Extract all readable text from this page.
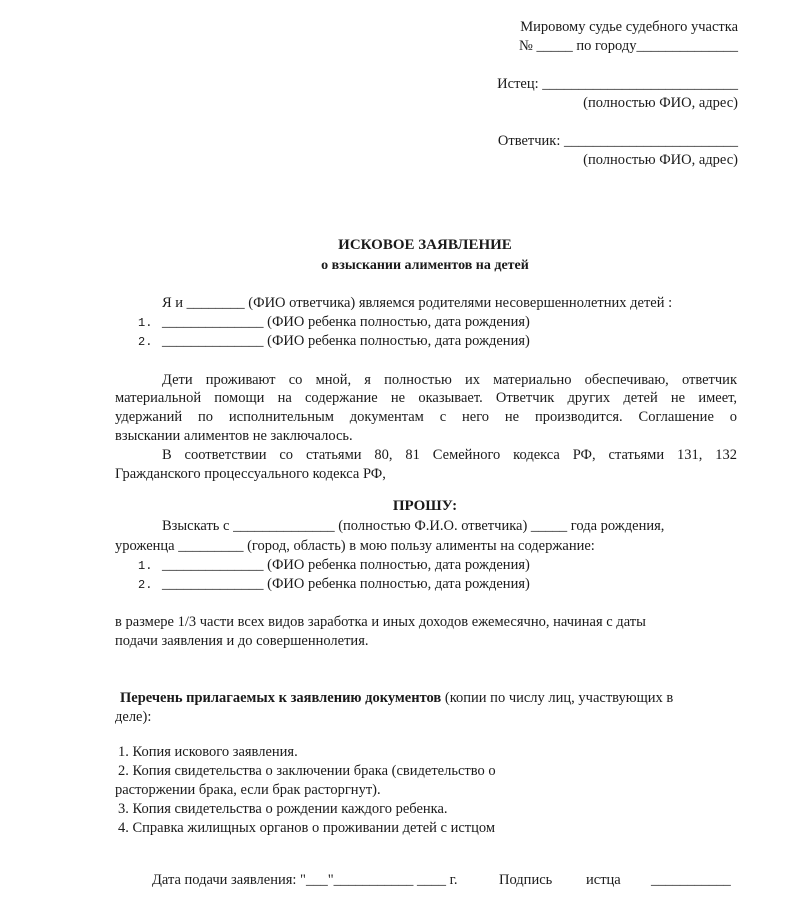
Мировому судье судебного участка
№ _____ по городу______________
Истец: ___________________________
(полностью ФИО, адрес)
Ответчик: ________________________
(полностью ФИО, адрес)
ИСКОВОЕ ЗАЯВЛЕНИЕ
о взыскании алиментов на детей
Я и ________ (ФИО ответчика) являемся родителями несовершеннолетних детей :
1. ______________ (ФИО ребенка полностью, дата рождения)
2. ______________ (ФИО ребенка полностью, дата рождения)
Дети проживают со мной, я полностью их материально обеспечиваю, ответчик
материальной помощи на содержание не оказывает. Ответчик других детей не имеет,
удержаний по исполнительным документам с него не производится. Соглашение о
взыскании алиментов не заключалось.
В соответствии со статьями 80, 81 Семейного кодекса РФ, статьями 131, 132
Гражданского процессуального кодекса РФ,
ПРОШУ:
Взыскать с ______________ (полностью Ф.И.О. ответчика) _____ года рождения,
уроженца _________ (город, область) в мою пользу алименты на содержание:
1. ______________ (ФИО ребенка полностью, дата рождения)
2. ______________ (ФИО ребенка полностью, дата рождения)
в размере 1/3 части всех видов заработка и иных доходов ежемесячно, начиная с даты
подачи заявления и до совершеннолетия.
Перечень прилагаемых к заявлению документов (копии по числу лиц, участвующих в
деле):
1. Копия искового заявления.
2. Копия свидетельства о заключении брака (свидетельство о
расторжении брака, если брак расторгнут).
3. Копия свидетельства о рождении каждого ребенка.
4. Справка жилищных органов о проживании детей с истцом
Дата подачи заявления: "___"___________ ____ г.	Подпись истца ___________
